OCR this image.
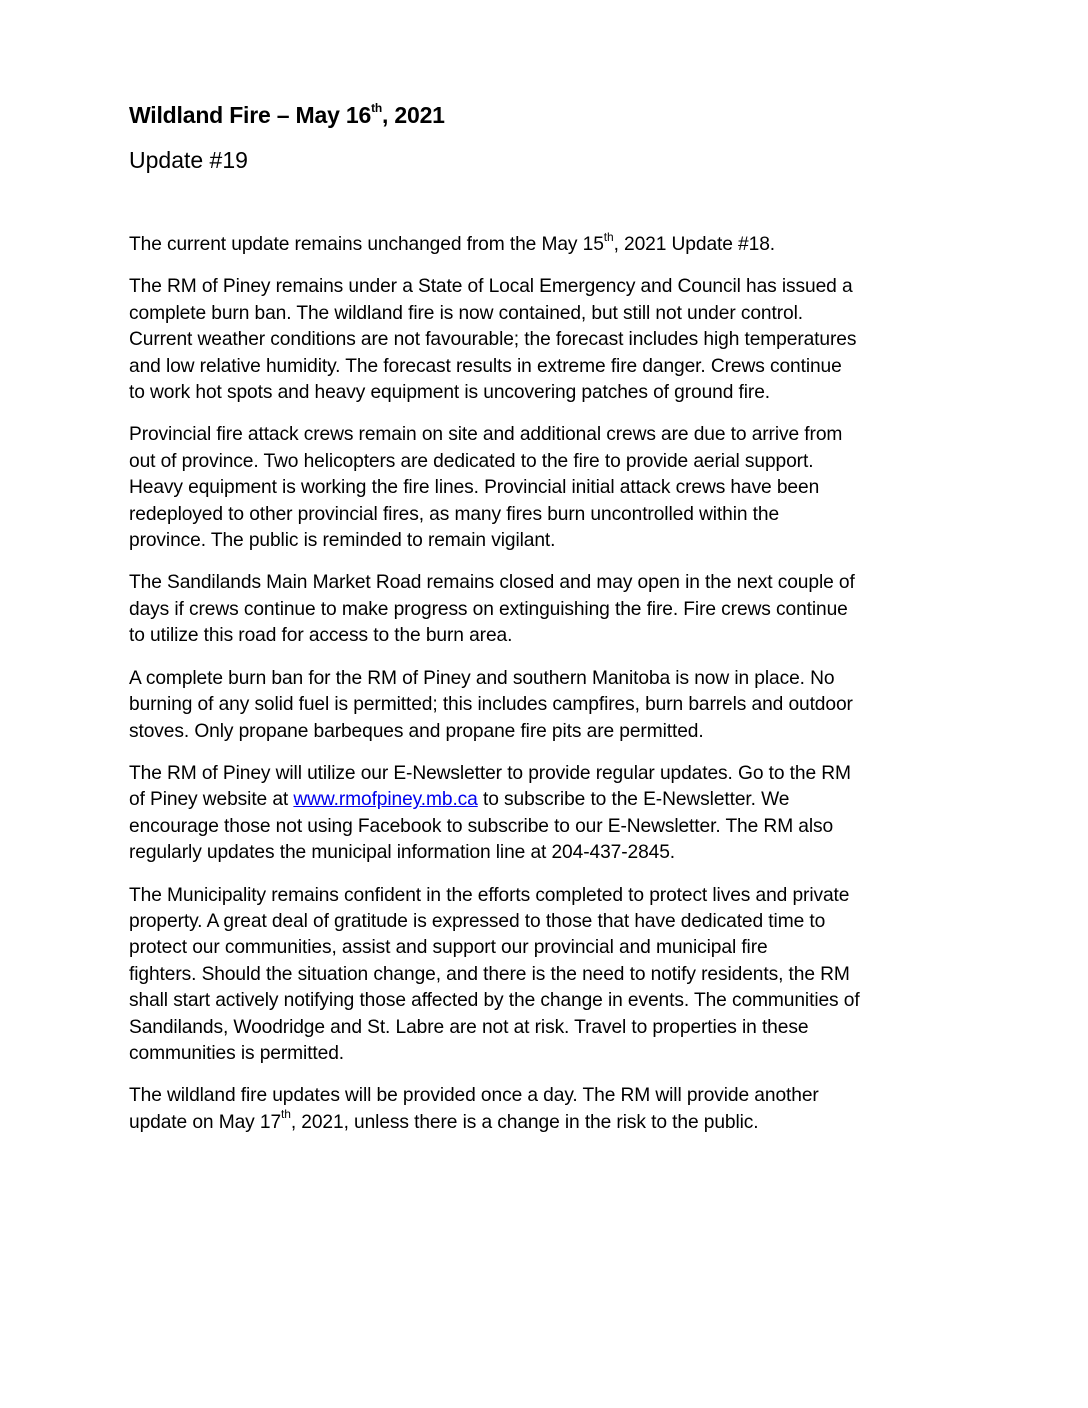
Wildland Fire – May 16th, 2021
Update #19

The current update remains unchanged from the May 15th, 2021 Update #18.

The RM of Piney remains under a State of Local Emergency and Council has issued a
complete burn ban. The wildland fire is now contained, but still not under control.
Current weather conditions are not favourable; the forecast includes high temperatures
and low relative humidity. The forecast results in extreme fire danger. Crews continue
to work hot spots and heavy equipment is uncovering patches of ground fire.

Provincial fire attack crews remain on site and additional crews are due to arrive from
out of province. Two helicopters are dedicated to the fire to provide aerial support.
Heavy equipment is working the fire lines. Provincial initial attack crews have been
redeployed to other provincial fires, as many fires burn uncontrolled within the
province. The public is reminded to remain vigilant.

The Sandilands Main Market Road remains closed and may open in the next couple of
days if crews continue to make progress on extinguishing the fire. Fire crews continue
to utilize this road for access to the burn area.

A complete burn ban for the RM of Piney and southern Manitoba is now in place. No
burning of any solid fuel is permitted; this includes campfires, burn barrels and outdoor
stoves. Only propane barbeques and propane fire pits are permitted.

The RM of Piney will utilize our E-Newsletter to provide regular updates. Go to the RM
of Piney website at www.rmofpiney.mb.ca to subscribe to the E-Newsletter. We
encourage those not using Facebook to subscribe to our E-Newsletter. The RM also
regularly updates the municipal information line at 204-437-2845.

The Municipality remains confident in the efforts completed to protect lives and private
property. A great deal of gratitude is expressed to those that have dedicated time to
protect our communities, assist and support our provincial and municipal fire
fighters. Should the situation change, and there is the need to notify residents, the RM
shall start actively notifying those affected by the change in events. The communities of
Sandilands, Woodridge and St. Labre are not at risk. Travel to properties in these
communities is permitted.

The wildland fire updates will be provided once a day. The RM will provide another
update on May 17th, 2021, unless there is a change in the risk to the public.
